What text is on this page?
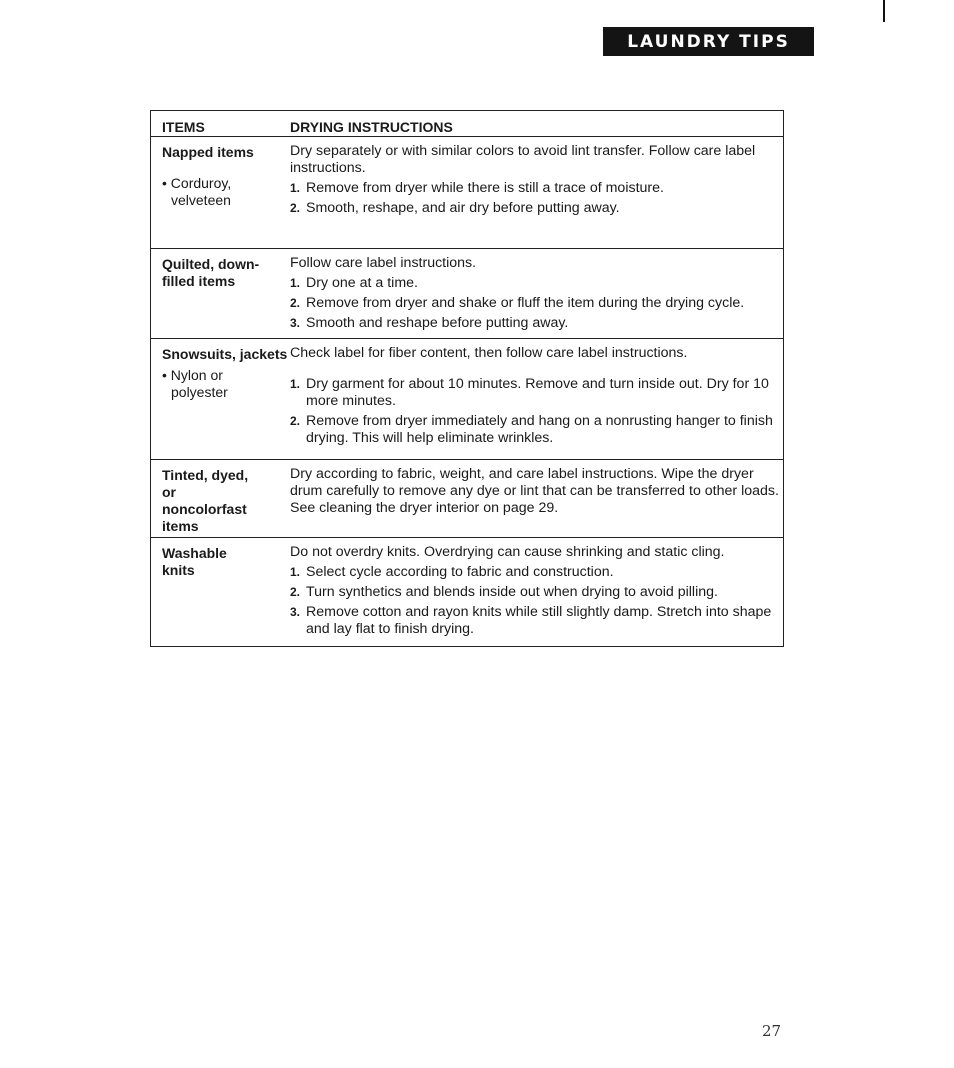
LAUNDRY TIPS
ITEMS	DRYING INSTRUCTIONS
Napped items
• Corduroy,
velveteen
Dry separately or with similar colors to avoid lint transfer. Follow care label instructions.
1. Remove from dryer while there is still a trace of moisture.
2. Smooth, reshape, and air dry before putting away.
Quilted, down-filled items
Follow care label instructions.
1. Dry one at a time.
2. Remove from dryer and shake or fluff the item during the drying cycle.
3. Smooth and reshape before putting away.
Snowsuits, jackets
• Nylon or
polyester
Check label for fiber content, then follow care label instructions.
1. Dry garment for about 10 minutes. Remove and turn inside out. Dry for 10 more minutes.
2. Remove from dryer immediately and hang on a nonrusting hanger to finish drying. This will help eliminate wrinkles.
Tinted, dyed, or noncolorfast items
Dry according to fabric, weight, and care label instructions. Wipe the dryer drum carefully to remove any dye or lint that can be transferred to other loads. See cleaning the dryer interior on page 29.
Washable knits
Do not overdry knits. Overdrying can cause shrinking and static cling.
1. Select cycle according to fabric and construction.
2. Turn synthetics and blends inside out when drying to avoid pilling.
3. Remove cotton and rayon knits while still slightly damp. Stretch into shape and lay flat to finish drying.
27
